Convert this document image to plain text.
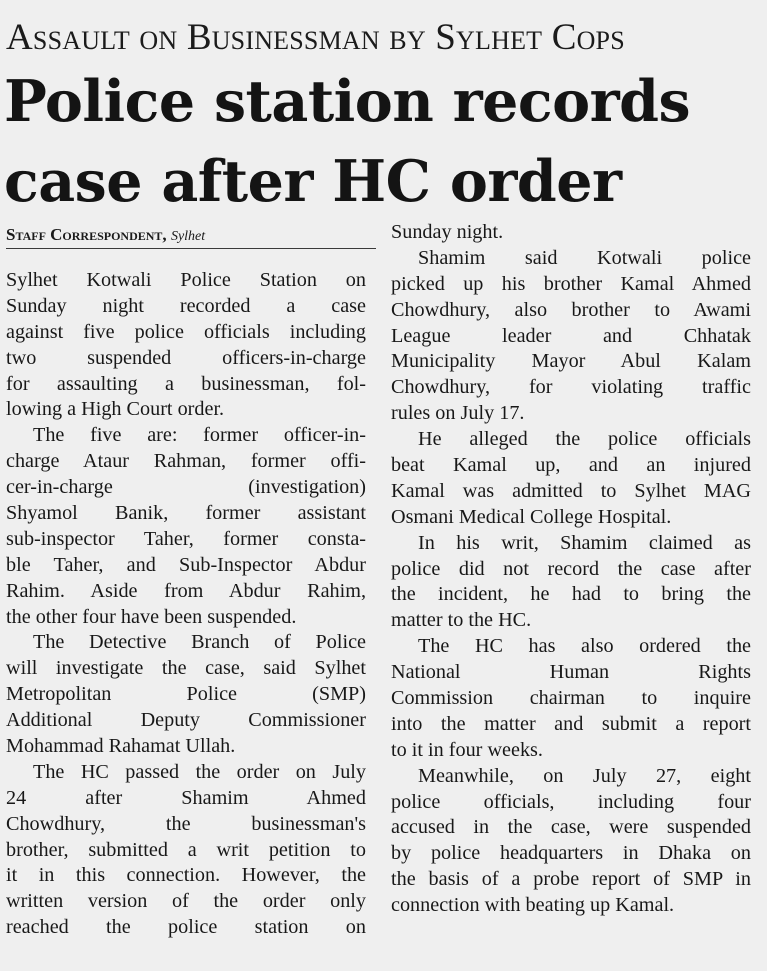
Assault on Businessman by Sylhet Cops
Police station records
case after HC order
Staff Correspondent, Sylhet
Sylhet Kotwali Police Station on
Sunday night recorded a case
against five police officials including
two suspended officers-in-charge
for assaulting a businessman, fol-
lowing a High Court order.
The five are: former officer-in-
charge Ataur Rahman, former offi-
cer-in-charge (investigation)
Shyamol Banik, former assistant
sub-inspector Taher, former consta-
ble Taher, and Sub-Inspector Abdur
Rahim. Aside from Abdur Rahim,
the other four have been suspended.
The Detective Branch of Police
will investigate the case, said Sylhet
Metropolitan Police (SMP)
Additional Deputy Commissioner
Mohammad Rahamat Ullah.
The HC passed the order on July
24 after Shamim Ahmed
Chowdhury, the businessman's
brother, submitted a writ petition to
it in this connection. However, the
written version of the order only
reached the police station on
Sunday night.
Shamim said Kotwali police
picked up his brother Kamal Ahmed
Chowdhury, also brother to Awami
League leader and Chhatak
Municipality Mayor Abul Kalam
Chowdhury, for violating traffic
rules on July 17.
He alleged the police officials
beat Kamal up, and an injured
Kamal was admitted to Sylhet MAG
Osmani Medical College Hospital.
In his writ, Shamim claimed as
police did not record the case after
the incident, he had to bring the
matter to the HC.
The HC has also ordered the
National Human Rights
Commission chairman to inquire
into the matter and submit a report
to it in four weeks.
Meanwhile, on July 27, eight
police officials, including four
accused in the case, were suspended
by police headquarters in Dhaka on
the basis of a probe report of SMP in
connection with beating up Kamal.
